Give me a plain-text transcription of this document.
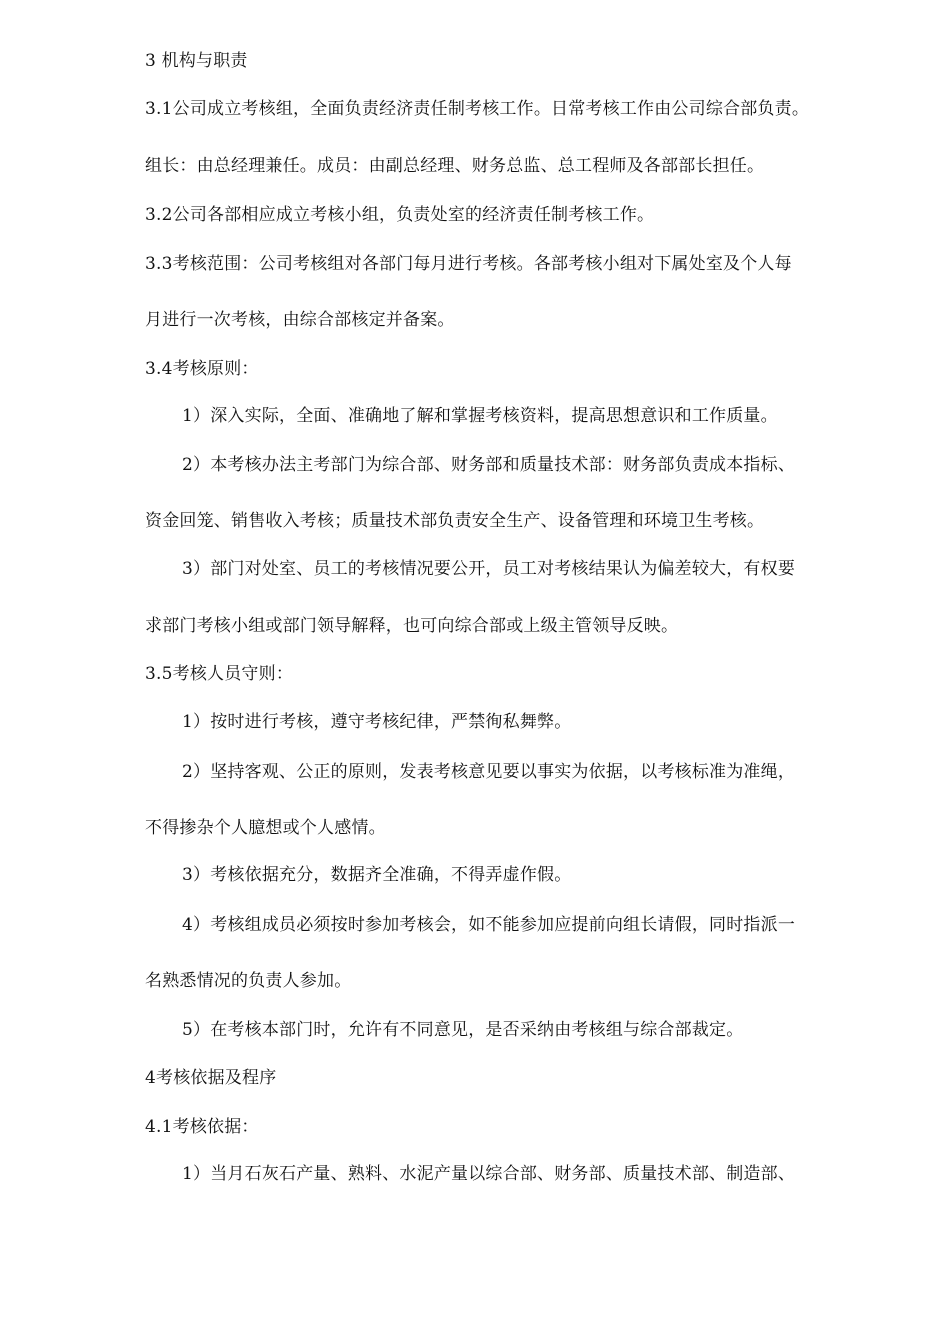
3 机构与职责
3.1公司成立考核组，全面负责经济责任制考核工作。日常考核工作由公司综合部负责。
组长：由总经理兼任。成员：由副总经理、财务总监、总工程师及各部部长担任。
3.2公司各部相应成立考核小组，负责处室的经济责任制考核工作。
3.3考核范围：公司考核组对各部门每月进行考核。各部考核小组对下属处室及个人每
月进行一次考核，由综合部核定并备案。
3.4考核原则：
1）深入实际，全面、准确地了解和掌握考核资料，提高思想意识和工作质量。
2）本考核办法主考部门为综合部、财务部和质量技术部：财务部负责成本指标、
资金回笼、销售收入考核；质量技术部负责安全生产、设备管理和环境卫生考核。
3）部门对处室、员工的考核情况要公开，员工对考核结果认为偏差较大，有权要
求部门考核小组或部门领导解释，也可向综合部或上级主管领导反映。
3.5考核人员守则：
1）按时进行考核，遵守考核纪律，严禁徇私舞弊。
2）坚持客观、公正的原则，发表考核意见要以事实为依据，以考核标准为准绳，
不得掺杂个人臆想或个人感情。
3）考核依据充分，数据齐全准确，不得弄虚作假。
4）考核组成员必须按时参加考核会，如不能参加应提前向组长请假，同时指派一
名熟悉情况的负责人参加。
5）在考核本部门时，允许有不同意见，是否采纳由考核组与综合部裁定。
4考核依据及程序
4.1考核依据：
1）当月石灰石产量、熟料、水泥产量以综合部、财务部、质量技术部、制造部、
